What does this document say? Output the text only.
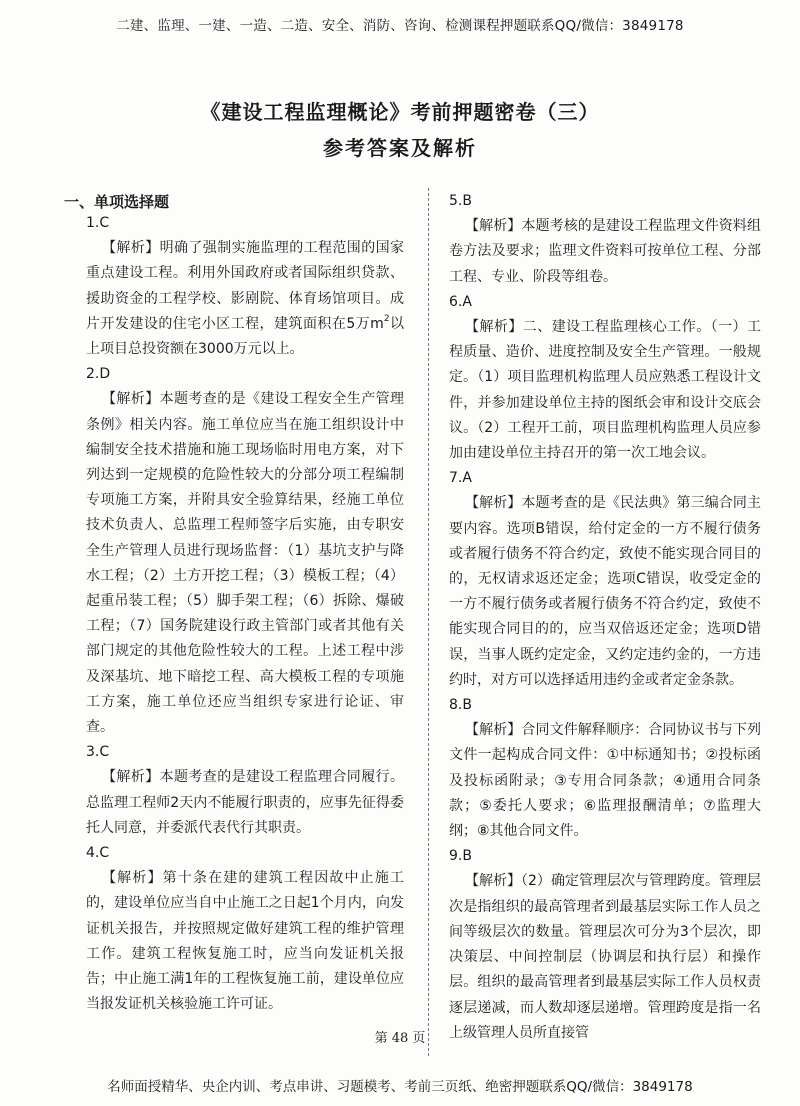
二建、监理、一建、一造、二造、安全、消防、咨询、检测课程押题联系QQ/微信：3849178
《建设工程监理概论》考前押题密卷（三）
参考答案及解析
一、单项选择题
1.C

【解析】明确了强制实施监理的工程范围的国家重点建设工程。利用外国政府或者国际组织贷款、援助资金的工程学校、影剧院、体育场馆项目。成片开发建设的住宅小区工程，建筑面积在5万$m^2$以上项目总投资额在3000万元以上。

2.D

【解析】本题考查的是《建设工程安全生产管理条例》相关内容。施工单位应当在施工组织设计中编制安全技术措施和施工现场临时用电方案，对下列达到一定规模的危险性较大的分部分项工程编制专项施工方案，并附具安全验算结果，经施工单位技术负责人、总监理工程师签字后实施，由专职安全生产管理人员进行现场监督：（1）基坑支护与降水工程；（2）土方开挖工程；（3）模板工程；（4）起重吊装工程；（5）脚手架工程；（6）拆除、爆破工程；（7）国务院建设行政主管部门或者其他有关部门规定的其他危险性较大的工程。上述工程中涉及深基坑、地下暗挖工程、高大模板工程的专项施工方案，施工单位还应当组织专家进行论证、审查。

3.C

【解析】本题考查的是建设工程监理合同履行。总监理工程师2天内不能履行职责的，应事先征得委托人同意，并委派代表代行其职责。

4.C

【解析】第十条在建的建筑工程因故中止施工的，建设单位应当自中止施工之日起1个月内，向发证机关报告，并按照规定做好建筑工程的维护管理工作。建筑工程恢复施工时，应当向发证机关报告；中止施工满1年的工程恢复施工前，建设单位应当报发证机关核验施工许可证。

5.B

【解析】本题考核的是建设工程监理文件资料组卷方法及要求；监理文件资料可按单位工程、分部工程、专业、阶段等组卷。

6.A

【解析】二、建设工程监理核心工作。（一）工程质量、造价、进度控制及安全生产管理。一般规定。（1）项目监理机构监理人员应熟悉工程设计文件，并参加建设单位主持的图纸会审和设计交底会议。（2）工程开工前，项目监理机构监理人员应参加由建设单位主持召开的第一次工地会议。

7.A

【解析】本题考查的是《民法典》第三编合同主要内容。选项B错误，给付定金的一方不履行债务或者履行债务不符合约定，致使不能实现合同目的的，无权请求返还定金；选项C错误，收受定金的一方不履行债务或者履行债务不符合约定，致使不能实现合同目的的，应当双倍返还定金；选项D错误，当事人既约定定金，又约定违约金的，一方违约时，对方可以选择适用违约金或者定金条款。

8.B

【解析】合同文件解释顺序：合同协议书与下列文件一起构成合同文件：①中标通知书；②投标函及投标函附录；③专用合同条款；④通用合同条款；⑤委托人要求；⑥监理报酬清单；⑦监理大纲；⑧其他合同文件。

9.B

【解析】（2）确定管理层次与管理跨度。管理层次是指组织的最高管理者到最基层实际工作人员之间等级层次的数量。管理层次可分为3个层次，即决策层、中间控制层（协调层和执行层）和操作层。组织的最高管理者到最基层实际工作人员权责逐层递减，而人数却逐层递增。管理跨度是指一名上级管理人员所直接管

第 48 页
名师面授精华、央企内训、考点串讲、习题模考、考前三页纸、绝密押题联系QQ/微信：3849178
